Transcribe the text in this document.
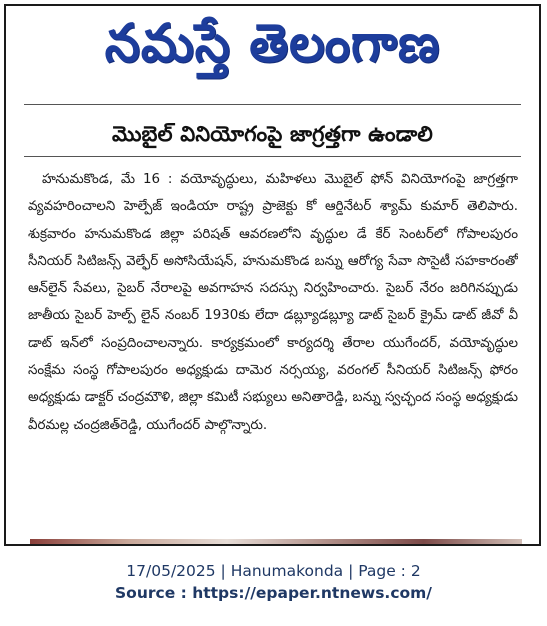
నమస్తే తెలంగాణ
మొబైల్ వినియోగంపై జాగ్రత్తగా ఉండాలి

హనుమకొండ, మే 16 : వయోవృద్ధులు, మహిళలు మొబైల్ ఫోన్ వినియోగంపై జాగ్రత్తగా వ్యవహరించాలని హెల్పేజ్ ఇండియా రాష్ట్ర ప్రాజెక్టు కో ఆర్డినేటర్ శ్యామ్ కుమార్ తెలిపారు. శుక్రవారం హనుమకొండ జిల్లా పరిషత్ ఆవరణలోని వృద్ధుల డే కేర్ సెంటర్‌లో గోపాలపురం సీనియర్ సిటిజన్స్ వెల్ఫేర్ అసోసియేషన్, హనుమకొండ బన్ను ఆరోగ్య సేవా సొసైటీ సహకారంతో ఆన్‌లైన్ సేవలు, సైబర్ నేరాలపై అవగాహన సదస్సు నిర్వహించారు. సైబర్ నేరం జరిగినప్పుడు జాతీయ సైబర్ హెల్ప్ లైన్ నంబర్ 1930కు లేదా డబ్ల్యూడబ్ల్యూ డాట్ సైబర్ క్రైమ్ డాట్ జీవో వీ డాట్ ఇన్‌లో సంప్రదించాలన్నారు. కార్యక్రమంలో కార్యదర్శి తేరాల యుగేందర్, వయోవృద్ధుల సంక్షేమ సంస్థ గోపాలపురం అధ్యక్షుడు దామెర నర్సయ్య, వరంగల్ సీనియర్ సిటిజన్స్ ఫోరం అధ్యక్షుడు డాక్టర్ చంద్రమౌళి, జిల్లా కమిటీ సభ్యులు అనితారెడ్డి, బన్ను స్వచ్ఛంద సంస్థ అధ్యక్షుడు వీరమల్ల చంద్రజిత్‌రెడ్డి, యుగేందర్ పాల్గొన్నారు.

17/05/2025 | Hanumakonda | Page : 2
Source : https://epaper.ntnews.com/
